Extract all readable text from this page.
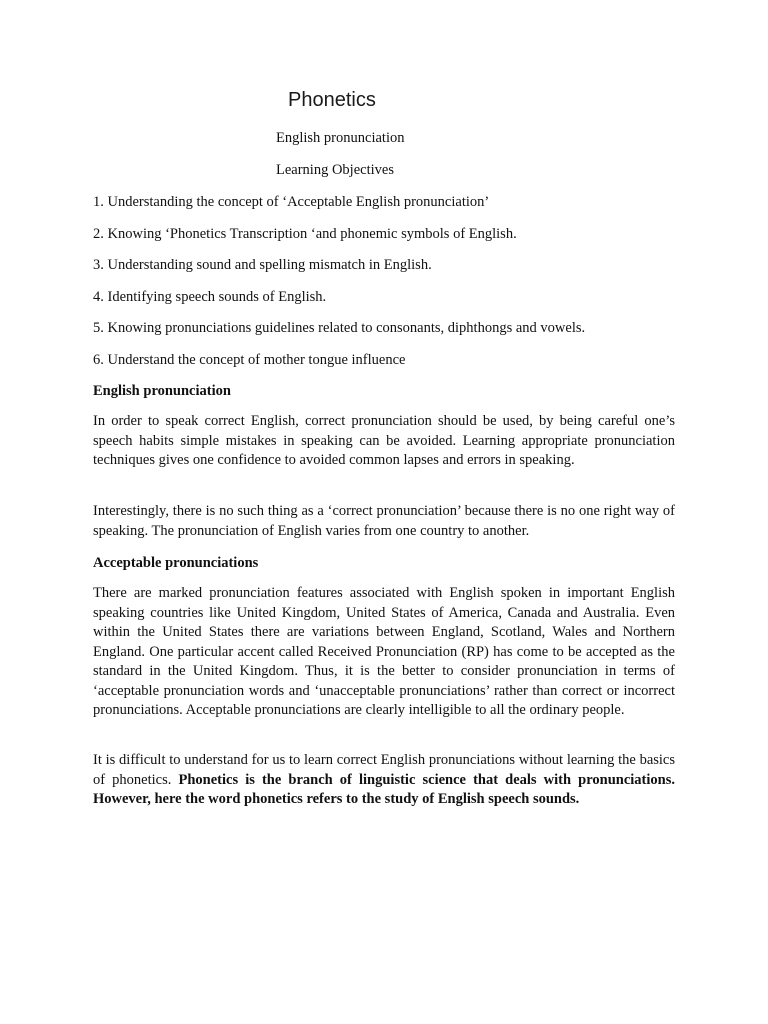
Phonetics
English pronunciation
Learning Objectives
1. Understanding the concept of ‘Acceptable English pronunciation’
2. Knowing ‘Phonetics Transcription ‘and phonemic symbols of English.
3. Understanding sound and spelling mismatch in English.
4. Identifying speech sounds of English.
5. Knowing pronunciations guidelines related to consonants, diphthongs and vowels.
6. Understand the concept of mother tongue influence
English pronunciation

In order to speak correct English, correct pronunciation should be used, by being careful one’s speech habits simple mistakes in speaking can be avoided. Learning appropriate pronunciation techniques gives one confidence to avoided common lapses and errors in speaking.

Interestingly, there is no such thing as a ‘correct pronunciation’ because there is no one right way of speaking. The pronunciation of English varies from one country to another.

Acceptable pronunciations

There are marked pronunciation features associated with English spoken in important English speaking countries like United Kingdom, United States of America, Canada and Australia. Even within the United States there are variations between England, Scotland, Wales and Northern England. One particular accent called Received Pronunciation (RP) has come to be accepted as the standard in the United Kingdom. Thus, it is the better to consider pronunciation in terms of ‘acceptable pronunciation words and ‘unacceptable pronunciations’ rather than correct or incorrect pronunciations. Acceptable pronunciations are clearly intelligible to all the ordinary people.

It is difficult to understand for us to learn correct English pronunciations without learning the basics of phonetics. Phonetics is the branch of linguistic science that deals with pronunciations. However, here the word phonetics refers to the study of English speech sounds.
